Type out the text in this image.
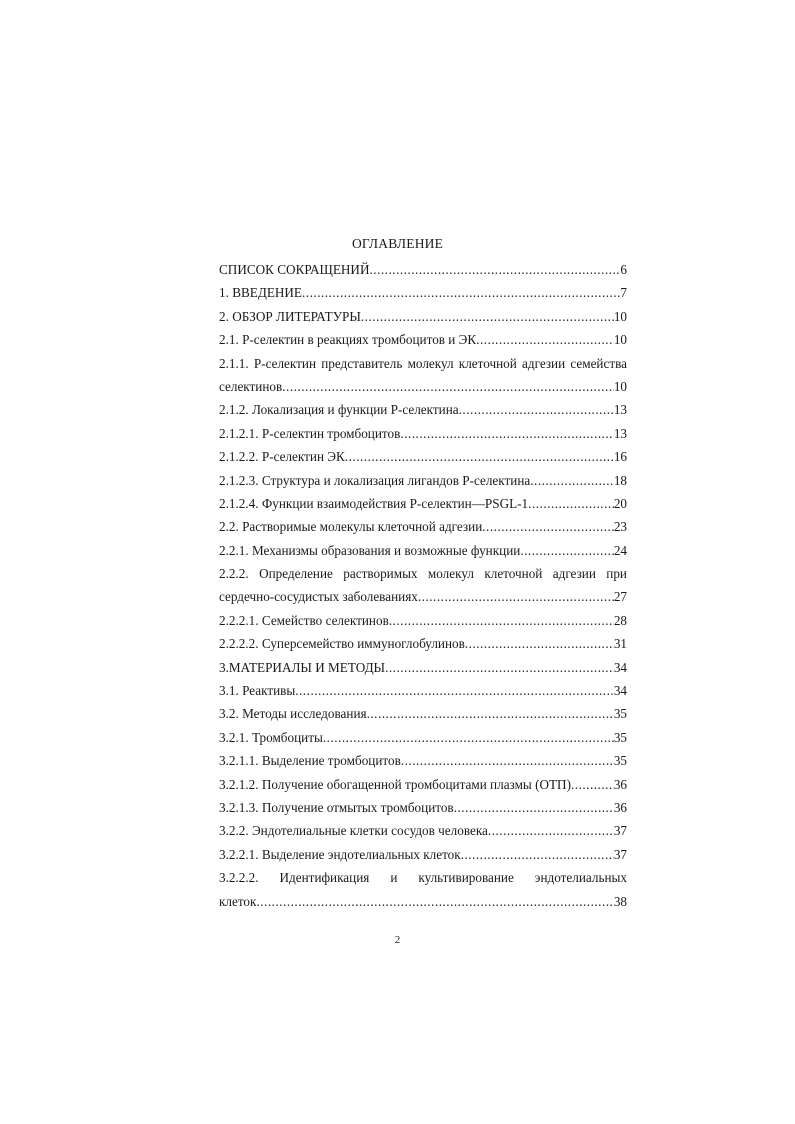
ОГЛАВЛЕНИЕ
СПИСОК СОКРАЩЕНИЙ .....	6
1. ВВЕДЕНИЕ .....	7
2. ОБЗОР ЛИТЕРАТУРЫ .....	10
2.1. Р-селектин в реакциях тромбоцитов и ЭК .....	10
2.1.1. Р-селектин представитель молекул клеточной адгезии семейства
селектинов .....	10
2.1.2. Локализация и функции Р-селектина .....	13
2.1.2.1. Р-селектин тромбоцитов .....	13
2.1.2.2. Р-селектин ЭК .....	16
2.1.2.3. Структура и локализация лигандов Р-селектина .....	18
2.1.2.4. Функции взаимодействия Р-селектин—PSGL-1 .....	20
2.2. Растворимые молекулы клеточной адгезии .....	23
2.2.1. Механизмы образования и возможные функции .....	24
2.2.2. Определение растворимых молекул клеточной адгезии при
сердечно-сосудистых заболеваниях .....	27
2.2.2.1. Семейство селектинов .....	28
2.2.2.2. Суперсемейство иммуноглобулинов .....	31
3.МАТЕРИАЛЫ И МЕТОДЫ .....	34
3.1. Реактивы .....	34
3.2. Методы исследования .....	35
3.2.1. Тромбоциты .....	35
3.2.1.1. Выделение тромбоцитов .....	35
3.2.1.2. Получение обогащенной тромбоцитами плазмы (ОТП) .....	36
3.2.1.3. Получение отмытых тромбоцитов .....	36
3.2.2. Эндотелиальные клетки сосудов человека .....	37
3.2.2.1. Выделение эндотелиальных клеток .....	37
3.2.2.2. Идентификация и культивирование эндотелиальных
клеток .....	38
2
